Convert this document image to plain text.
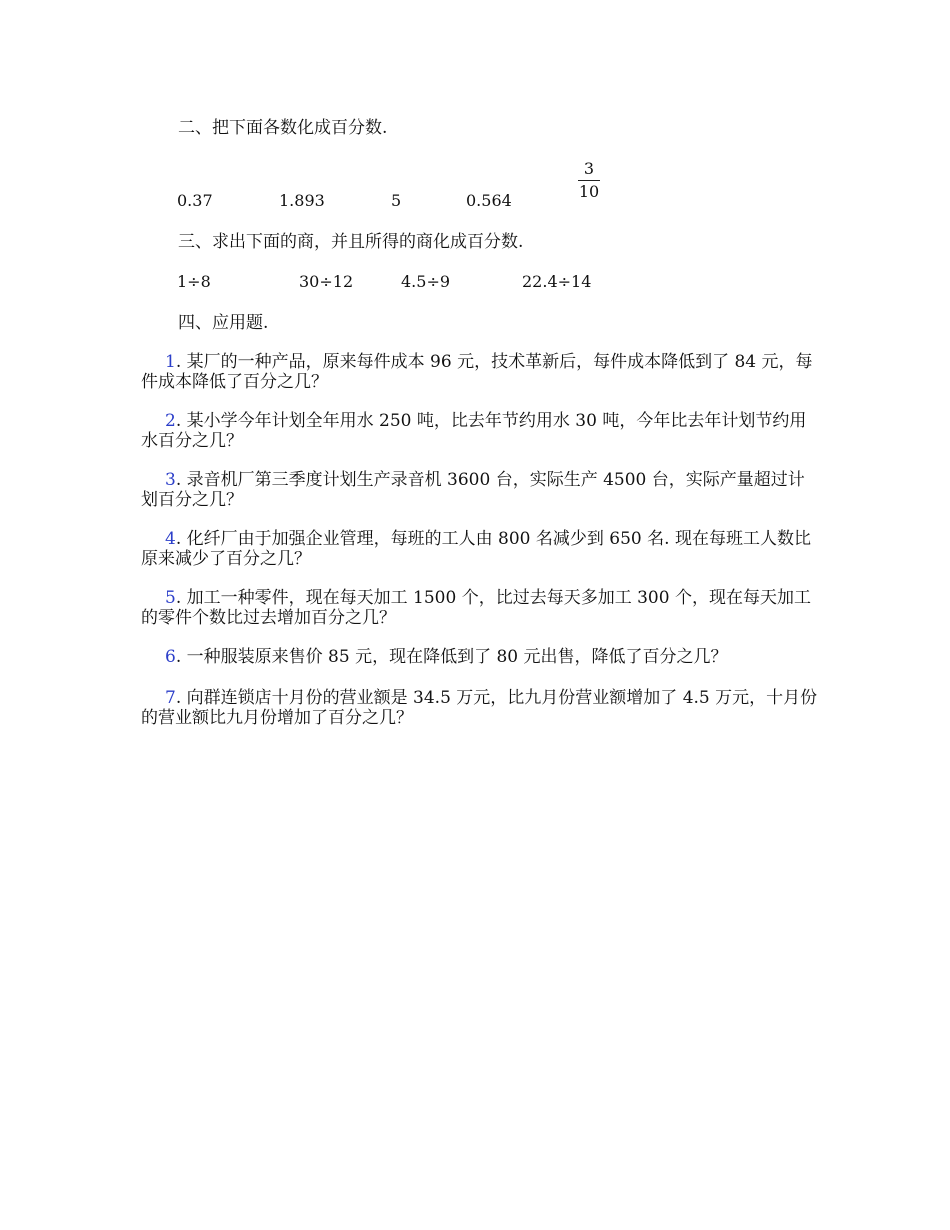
二、把下面各数化成百分数.
0.37	1.893	5	0.564
3
10
三、求出下面的商，并且所得的商化成百分数.
1÷8	30÷12	4.5÷9	22.4÷14
四、应用题.

1. 某厂的一种产品，原来每件成本 96 元，技术革新后，每件成本降低到了 84 元，每件成本降低了百分之几？

2. 某小学今年计划全年用水 250 吨，比去年节约用水 30 吨，今年比去年计划节约用水百分之几？

3. 录音机厂第三季度计划生产录音机 3600 台，实际生产 4500 台，实际产量超过计划百分之几？

4. 化纤厂由于加强企业管理，每班的工人由 800 名减少到 650 名. 现在每班工人数比原来减少了百分之几？

5. 加工一种零件，现在每天加工 1500 个，比过去每天多加工 300 个，现在每天加工的零件个数比过去增加百分之几？

6. 一种服装原来售价 85 元，现在降低到了 80 元出售，降低了百分之几？

7. 向群连锁店十月份的营业额是 34.5 万元，比九月份营业额增加了 4.5 万元，十月份的营业额比九月份增加了百分之几？
